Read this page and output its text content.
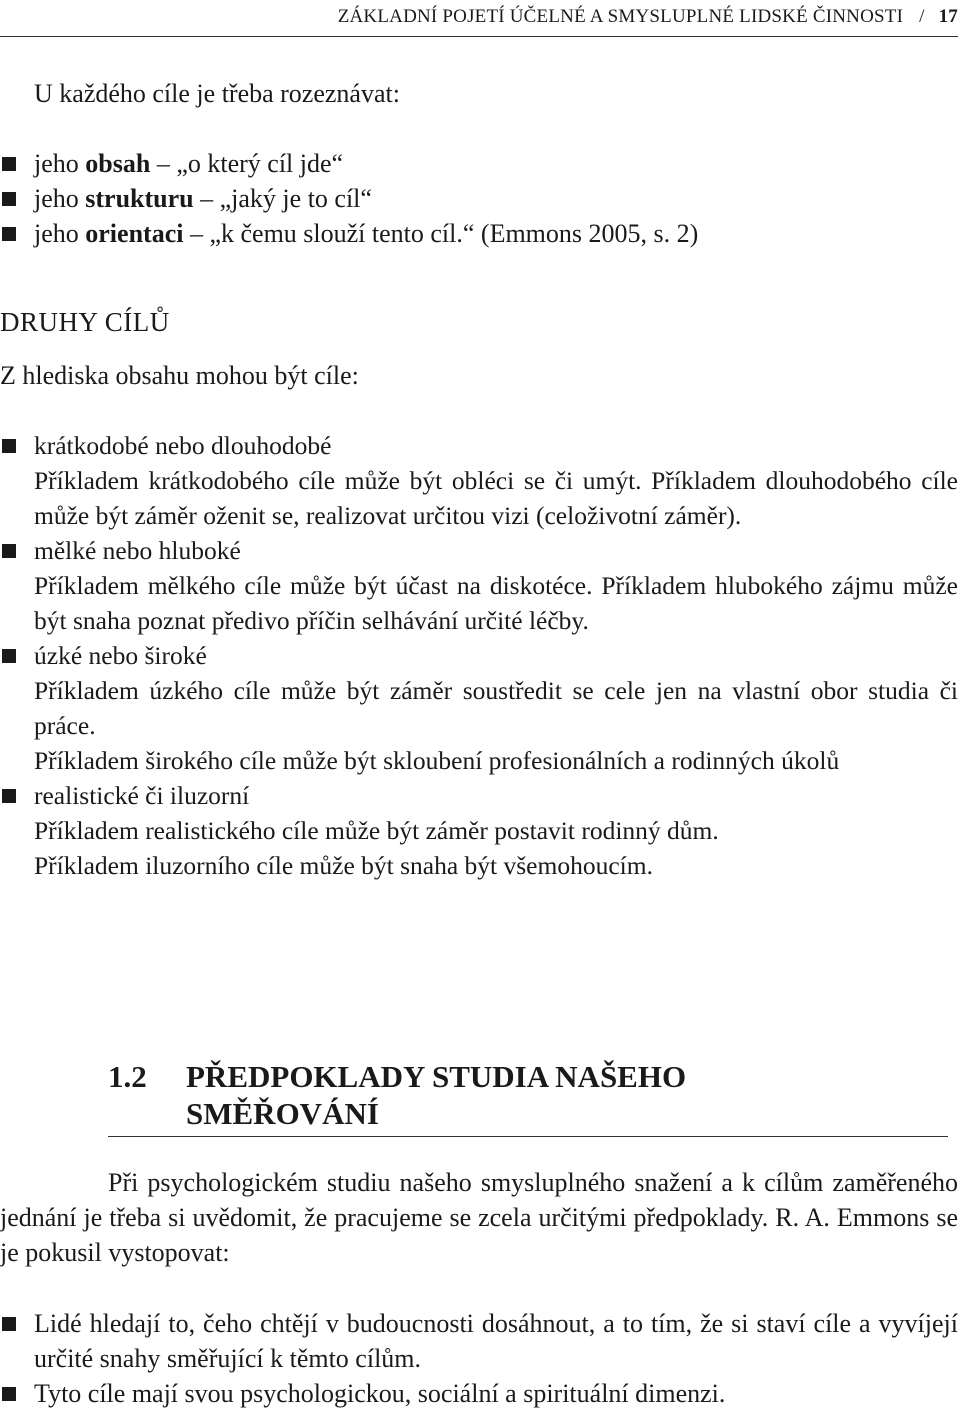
ZÁKLADNÍ POJETÍ ÚČELNÉ A SMYSLUPLNÉ LIDSKÉ ČINNOSTI / 17
U každého cíle je třeba rozeznávat:
jeho obsah – „o který cíl jde“
jeho strukturu – „jaký je to cíl“
jeho orientaci – „k čemu slouží tento cíl.“ (Emmons 2005, s. 2)
DRUHY CÍLŮ
Z hlediska obsahu mohou být cíle:
krátkodobé nebo dlouhodobé
Příkladem krátkodobého cíle může být obléci se či umýt. Příkladem dlouhodobého cíle může být záměr oženit se, realizovat určitou vizi (celoživotní záměr).
mělké nebo hluboké
Příkladem mělkého cíle může být účast na diskotéce. Příkladem hlubokého zájmu může být snaha poznat předivo příčin selhávání určité léčby.
úzké nebo široké
Příkladem úzkého cíle může být záměr soustředit se cele jen na vlastní obor studia či práce.
Příkladem širokého cíle může být skloubení profesionálních a rodinných úkolů
realistické či iluzorní
Příkladem realistického cíle může být záměr postavit rodinný dům.
Příkladem iluzorního cíle může být snaha být všemohoucím.
1.2 PŘEDPOKLADY STUDIA NAŠEHO SMĚŘOVÁNÍ
Při psychologickém studiu našeho smysluplného snažení a k cílům zaměřeného jednání je třeba si uvědomit, že pracujeme se zcela určitými předpoklady. R. A. Emmons se je pokusil vystopovat:
Lidé hledají to, čeho chtějí v budoucnosti dosáhnout, a to tím, že si staví cíle a vyvíjejí určité snahy směřující k těmto cílům.
Tyto cíle mají svou psychologickou, sociální a spirituální dimenzi.
